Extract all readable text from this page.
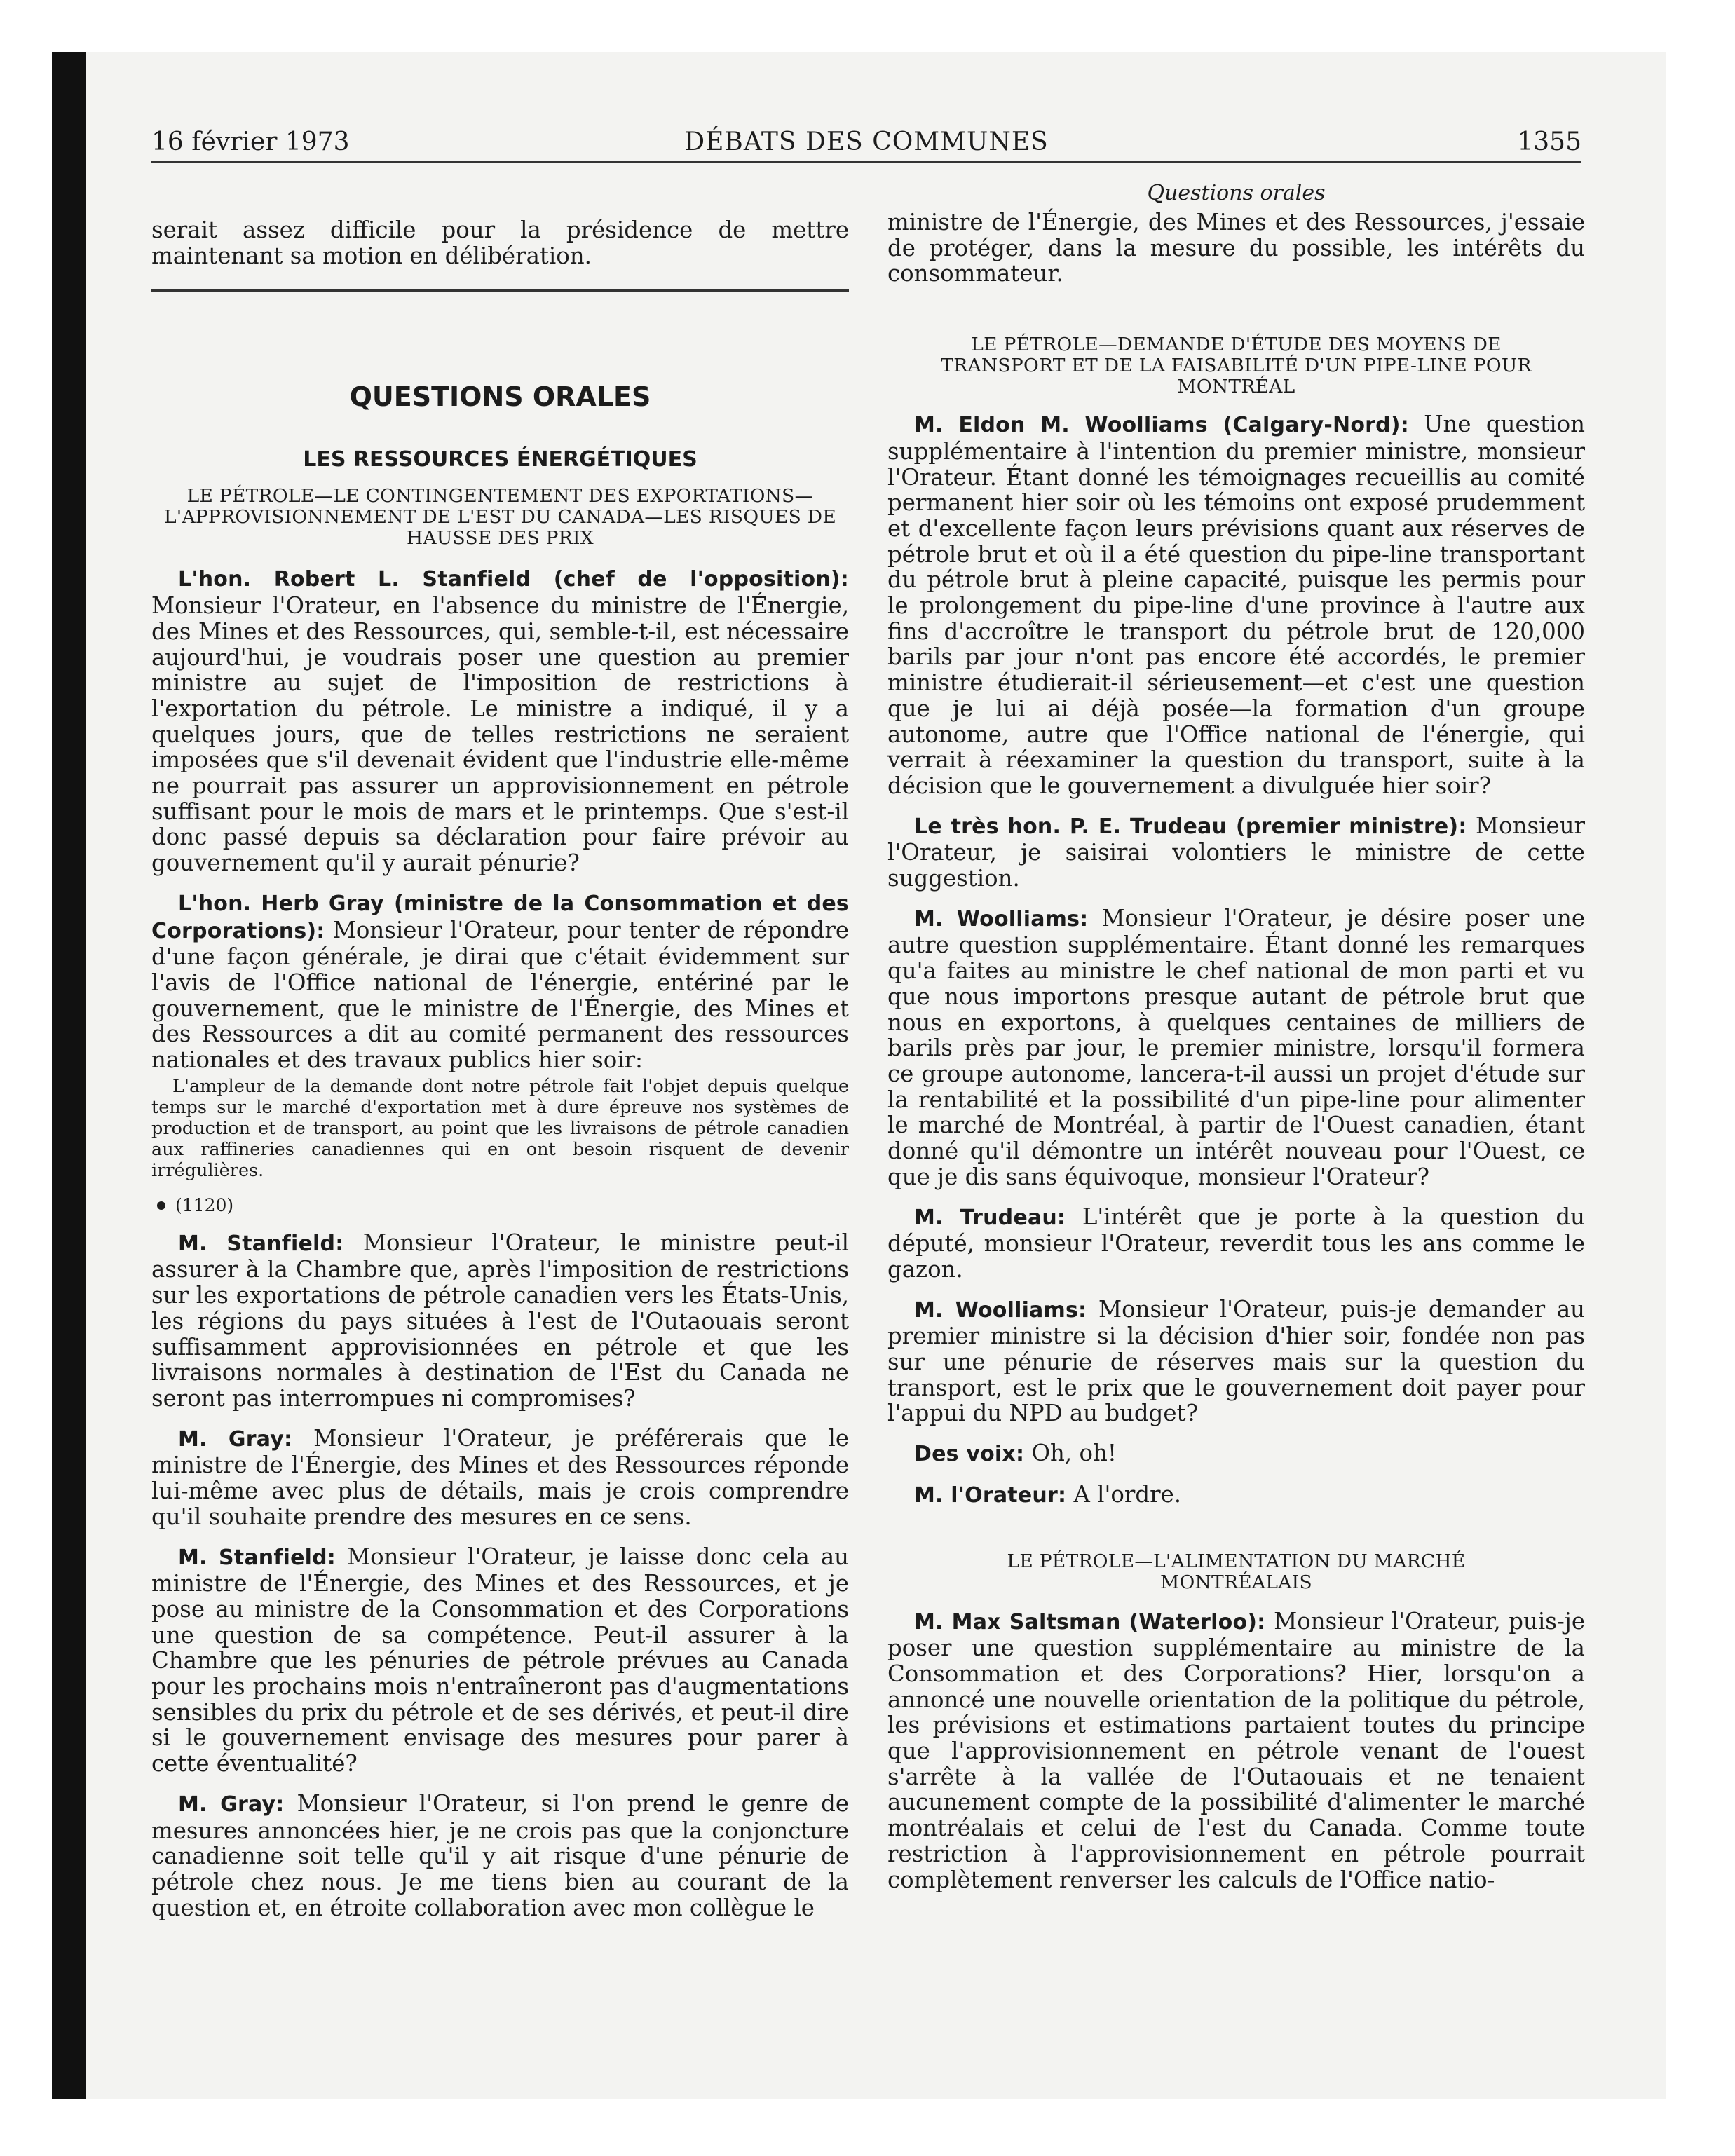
16 février 1973	DÉBATS DES COMMUNES	1355

serait assez difficile pour la présidence de mettre maintenant sa motion en délibération.

QUESTIONS ORALES
LES RESSOURCES ÉNERGÉTIQUES
LE PÉTROLE—LE CONTINGENTEMENT DES EXPORTATIONS—L'APPROVISIONNEMENT DE L'EST DU CANADA—LES RISQUES DE HAUSSE DES PRIX

L'hon. Robert L. Stanfield (chef de l'opposition): Monsieur l'Orateur, en l'absence du ministre de l'Énergie, des Mines et des Ressources, qui, semble-t-il, est nécessaire aujourd'hui, je voudrais poser une question au premier ministre au sujet de l'imposition de restrictions à l'exportation du pétrole. Le ministre a indiqué, il y a quelques jours, que de telles restrictions ne seraient imposées que s'il devenait évident que l'industrie elle-même ne pourrait pas assurer un approvisionnement en pétrole suffisant pour le mois de mars et le printemps. Que s'est-il donc passé depuis sa déclaration pour faire prévoir au gouvernement qu'il y aurait pénurie?

L'hon. Herb Gray (ministre de la Consommation et des Corporations): Monsieur l'Orateur, pour tenter de répondre d'une façon générale, je dirai que c'était évidemment sur l'avis de l'Office national de l'énergie, entériné par le gouvernement, que le ministre de l'Énergie, des Mines et des Ressources a dit au comité permanent des ressources nationales et des travaux publics hier soir:

L'ampleur de la demande dont notre pétrole fait l'objet depuis quelque temps sur le marché d'exportation met à dure épreuve nos systèmes de production et de transport, au point que les livraisons de pétrole canadien aux raffineries canadiennes qui en ont besoin risquent de devenir irrégulières.

(1120)

M. Stanfield: Monsieur l'Orateur, le ministre peut-il assurer à la Chambre que, après l'imposition de restrictions sur les exportations de pétrole canadien vers les États-Unis, les régions du pays situées à l'est de l'Outaouais seront suffisamment approvisionnées en pétrole et que les livraisons normales à destination de l'Est du Canada ne seront pas interrompues ni compromises?

M. Gray: Monsieur l'Orateur, je préférerais que le ministre de l'Énergie, des Mines et des Ressources réponde lui-même avec plus de détails, mais je crois comprendre qu'il souhaite prendre des mesures en ce sens.

M. Stanfield: Monsieur l'Orateur, je laisse donc cela au ministre de l'Énergie, des Mines et des Ressources, et je pose au ministre de la Consommation et des Corporations une question de sa compétence. Peut-il assurer à la Chambre que les pénuries de pétrole prévues au Canada pour les prochains mois n'entraîneront pas d'augmentations sensibles du prix du pétrole et de ses dérivés, et peut-il dire si le gouvernement envisage des mesures pour parer à cette éventualité?

M. Gray: Monsieur l'Orateur, si l'on prend le genre de mesures annoncées hier, je ne crois pas que la conjoncture canadienne soit telle qu'il y ait risque d'une pénurie de pétrole chez nous. Je me tiens bien au courant de la question et, en étroite collaboration avec mon collègue le

Questions orales

ministre de l'Énergie, des Mines et des Ressources, j'essaie de protéger, dans la mesure du possible, les intérêts du consommateur.

LE PÉTROLE—DEMANDE D'ÉTUDE DES MOYENS DE TRANSPORT ET DE LA FAISABILITÉ D'UN PIPE-LINE POUR MONTRÉAL

M. Eldon M. Woolliams (Calgary-Nord): Une question supplémentaire à l'intention du premier ministre, monsieur l'Orateur. Étant donné les témoignages recueillis au comité permanent hier soir où les témoins ont exposé prudemment et d'excellente façon leurs prévisions quant aux réserves de pétrole brut et où il a été question du pipe-line transportant du pétrole brut à pleine capacité, puisque les permis pour le prolongement du pipe-line d'une province à l'autre aux fins d'accroître le transport du pétrole brut de 120,000 barils par jour n'ont pas encore été accordés, le premier ministre étudierait-il sérieusement—et c'est une question que je lui ai déjà posée—la formation d'un groupe autonome, autre que l'Office national de l'énergie, qui verrait à réexaminer la question du transport, suite à la décision que le gouvernement a divulguée hier soir?

Le très hon. P. E. Trudeau (premier ministre): Monsieur l'Orateur, je saisirai volontiers le ministre de cette suggestion.

M. Woolliams: Monsieur l'Orateur, je désire poser une autre question supplémentaire. Étant donné les remarques qu'a faites au ministre le chef national de mon parti et vu que nous importons presque autant de pétrole brut que nous en exportons, à quelques centaines de milliers de barils près par jour, le premier ministre, lorsqu'il formera ce groupe autonome, lancera-t-il aussi un projet d'étude sur la rentabilité et la possibilité d'un pipe-line pour alimenter le marché de Montréal, à partir de l'Ouest canadien, étant donné qu'il démontre un intérêt nouveau pour l'Ouest, ce que je dis sans équivoque, monsieur l'Orateur?

M. Trudeau: L'intérêt que je porte à la question du député, monsieur l'Orateur, reverdit tous les ans comme le gazon.

M. Woolliams: Monsieur l'Orateur, puis-je demander au premier ministre si la décision d'hier soir, fondée non pas sur une pénurie de réserves mais sur la question du transport, est le prix que le gouvernement doit payer pour l'appui du NPD au budget?

Des voix: Oh, oh!

M. l'Orateur: A l'ordre.

LE PÉTROLE—L'ALIMENTATION DU MARCHÉ MONTRÉALAIS

M. Max Saltsman (Waterloo): Monsieur l'Orateur, puis-je poser une question supplémentaire au ministre de la Consommation et des Corporations? Hier, lorsqu'on a annoncé une nouvelle orientation de la politique du pétrole, les prévisions et estimations partaient toutes du principe que l'approvisionnement en pétrole venant de l'ouest s'arrête à la vallée de l'Outaouais et ne tenaient aucunement compte de la possibilité d'alimenter le marché montréalais et celui de l'est du Canada. Comme toute restriction à l'approvisionnement en pétrole pourrait complètement renverser les calculs de l'Office natio-
